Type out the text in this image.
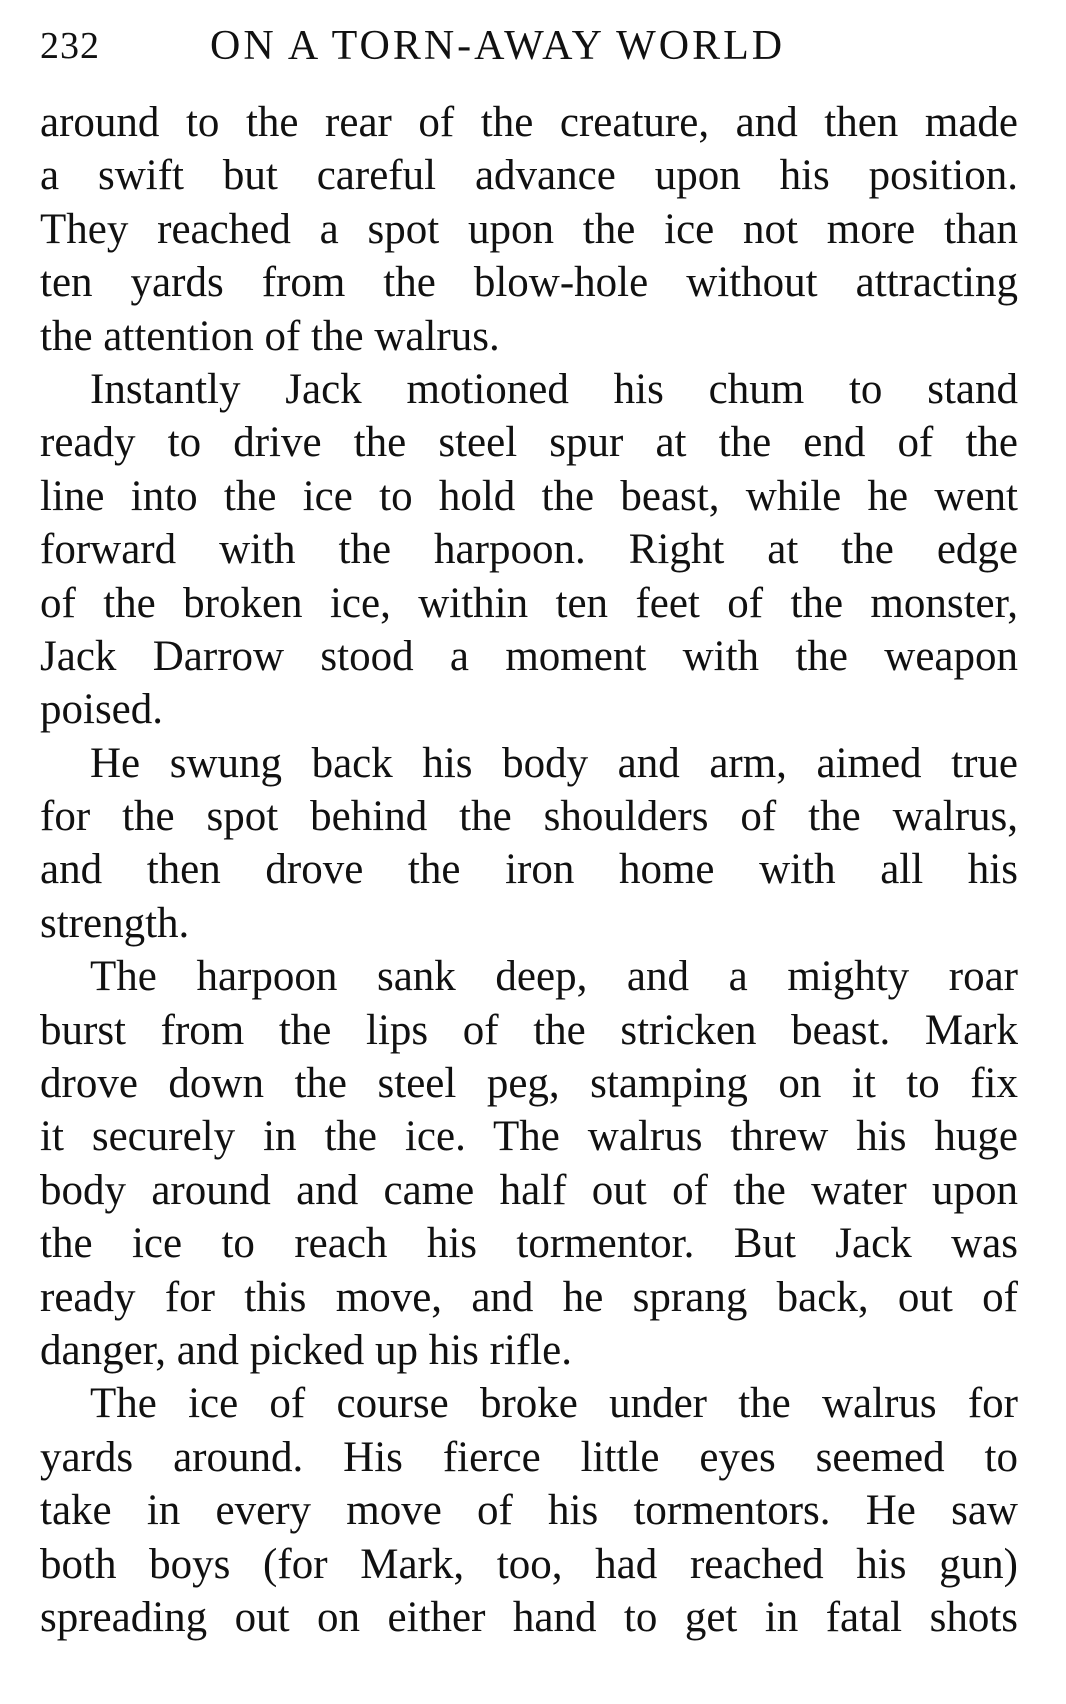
232	ON A TORN-AWAY WORLD
around to the rear of the creature, and then made
a swift but careful advance upon his position.
They reached a spot upon the ice not more than
ten yards from the blow-hole without attracting
the attention of the walrus.
Instantly Jack motioned his chum to stand
ready to drive the steel spur at the end of the
line into the ice to hold the beast, while he went
forward with the harpoon. Right at the edge
of the broken ice, within ten feet of the monster,
Jack Darrow stood a moment with the weapon
poised.
He swung back his body and arm, aimed true
for the spot behind the shoulders of the walrus,
and then drove the iron home with all his
strength.
The harpoon sank deep, and a mighty roar
burst from the lips of the stricken beast. Mark
drove down the steel peg, stamping on it to fix
it securely in the ice. The walrus threw his huge
body around and came half out of the water upon
the ice to reach his tormentor. But Jack was
ready for this move, and he sprang back, out of
danger, and picked up his rifle.
The ice of course broke under the walrus for
yards around. His fierce little eyes seemed to
take in every move of his tormentors. He saw
both boys (for Mark, too, had reached his gun)
spreading out on either hand to get in fatal shots
